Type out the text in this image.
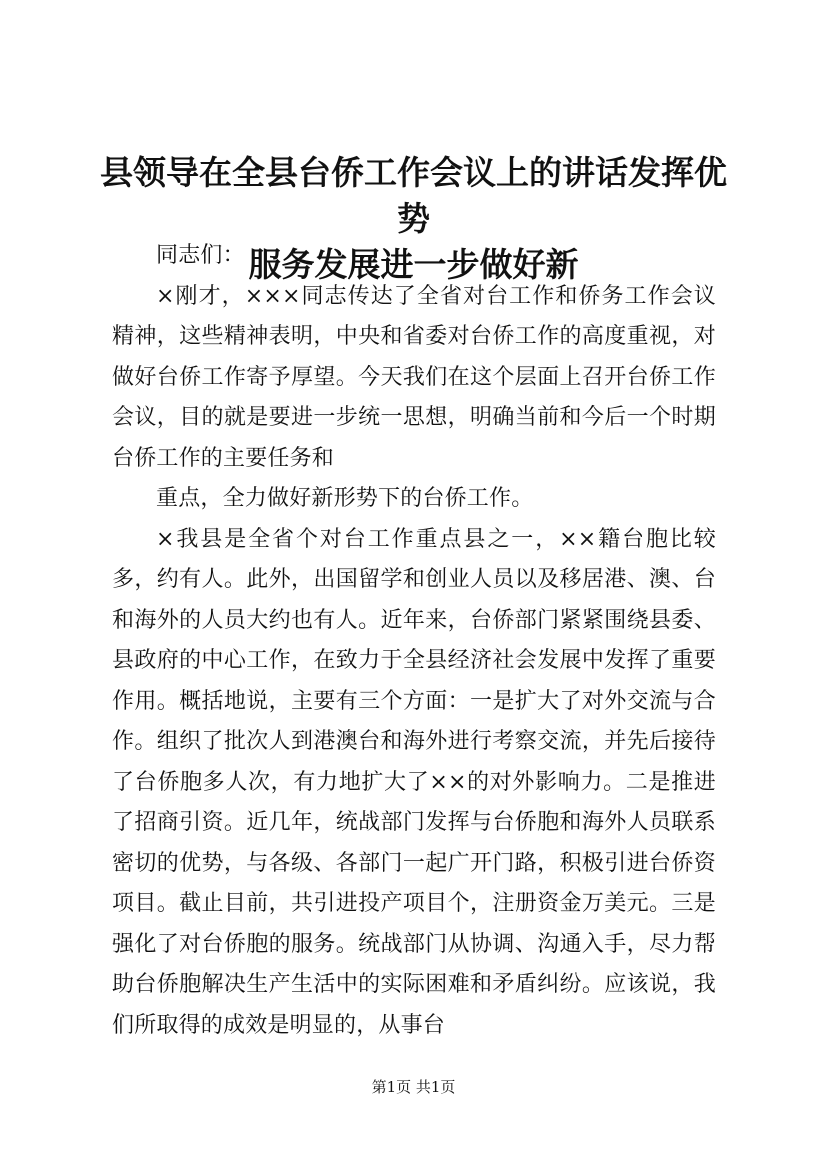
县领导在全县台侨工作会议上的讲话发挥优势
服务发展进一步做好新

同志们：

×刚才，×××同志传达了全省对台工作和侨务工作会议精神，这些精神表明，中央和省委对台侨工作的高度重视，对做好台侨工作寄予厚望。今天我们在这个层面上召开台侨工作会议，目的就是要进一步统一思想，明确当前和今后一个时期台侨工作的主要任务和

重点，全力做好新形势下的台侨工作。

×我县是全省个对台工作重点县之一，××籍台胞比较多，约有人。此外，出国留学和创业人员以及移居港、澳、台和海外的人员大约也有人。近年来，台侨部门紧紧围绕县委、县政府的中心工作，在致力于全县经济社会发展中发挥了重要作用。概括地说，主要有三个方面：一是扩大了对外交流与合作。组织了批次人到港澳台和海外进行考察交流，并先后接待了台侨胞多人次，有力地扩大了××的对外影响力。二是推进了招商引资。近几年，统战部门发挥与台侨胞和海外人员联系密切的优势，与各级、各部门一起广开门路，积极引进台侨资项目。截止目前，共引进投产项目个，注册资金万美元。三是强化了对台侨胞的服务。统战部门从协调、沟通入手，尽力帮助台侨胞解决生产生活中的实际困难和矛盾纠纷。应该说，我们所取得的成效是明显的，从事台

第1页 共1页
